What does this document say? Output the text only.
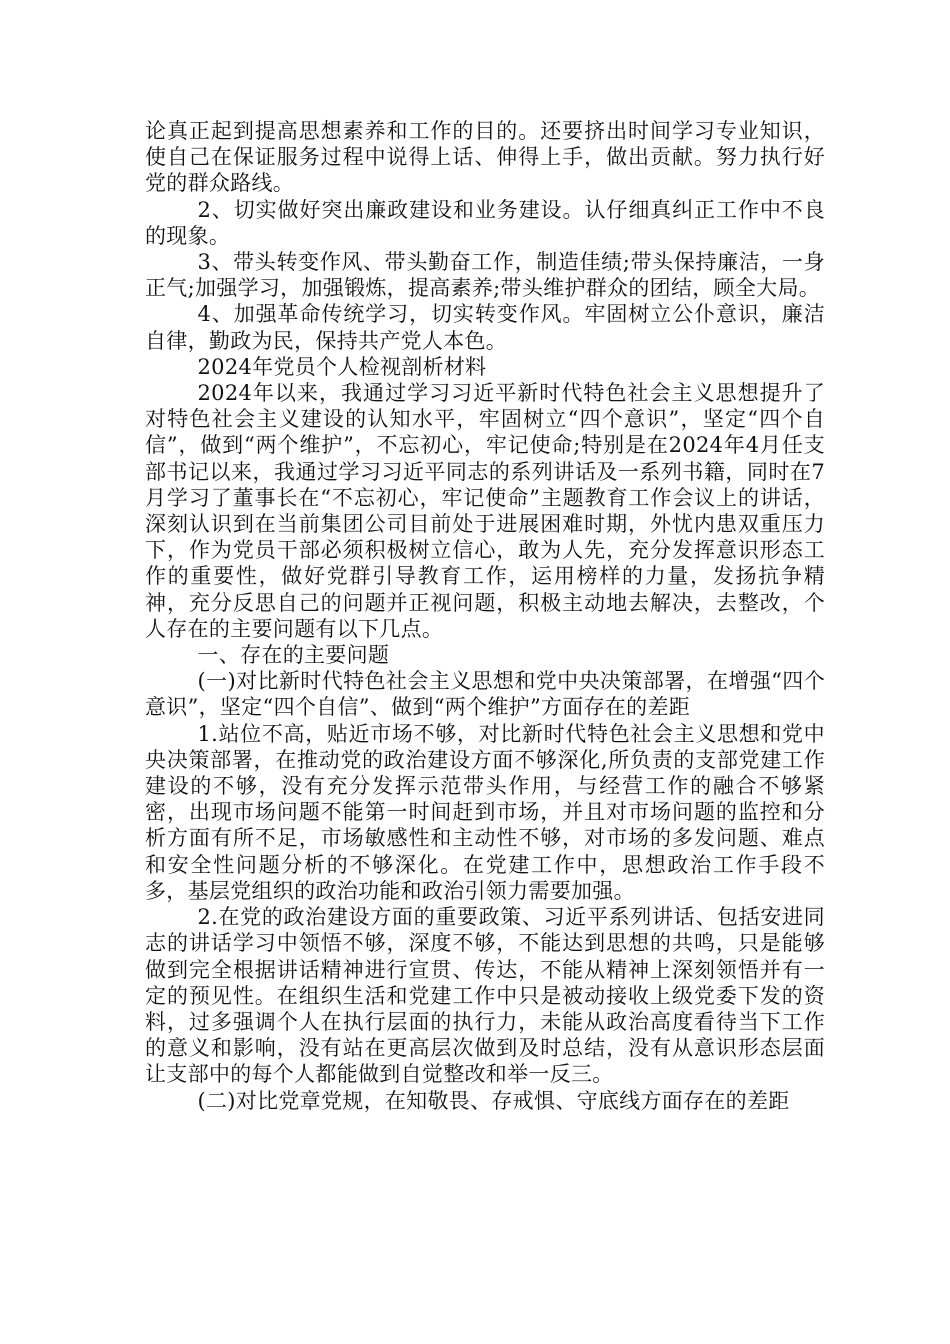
论真正起到提高思想素养和工作的目的。还要挤出时间学习专业知识，使自己在保证服务过程中说得上话、伸得上手，做出贡献。努力执行好党的群众路线。

2、切实做好突出廉政建设和业务建设。认仔细真纠正工作中不良的现象。

3、带头转变作风、带头勤奋工作，制造佳绩;带头保持廉洁，一身正气;加强学习，加强锻炼，提高素养;带头维护群众的团结，顾全大局。

4、加强革命传统学习，切实转变作风。牢固树立公仆意识，廉洁自律，勤政为民，保持共产党人本色。

2024年党员个人检视剖析材料

2024年以来，我通过学习习近平新时代特色社会主义思想提升了对特色社会主义建设的认知水平，牢固树立“四个意识”，坚定“四个自信”，做到“两个维护”，不忘初心，牢记使命;特别是在2024年4月任支部书记以来，我通过学习习近平同志的系列讲话及一系列书籍，同时在7月学习了董事长在“不忘初心，牢记使命”主题教育工作会议上的讲话，深刻认识到在当前集团公司目前处于进展困难时期，外忧内患双重压力下，作为党员干部必须积极树立信心，敢为人先，充分发挥意识形态工作的重要性，做好党群引导教育工作，运用榜样的力量，发扬抗争精神，充分反思自己的问题并正视问题，积极主动地去解决，去整改，个人存在的主要问题有以下几点。

一、存在的主要问题

(一)对比新时代特色社会主义思想和党中央决策部署，在增强“四个意识”，坚定“四个自信”、做到“两个维护”方面存在的差距

1.站位不高，贴近市场不够，对比新时代特色社会主义思想和党中央决策部署，在推动党的政治建设方面不够深化,所负责的支部党建工作建设的不够，没有充分发挥示范带头作用，与经营工作的融合不够紧密，出现市场问题不能第一时间赶到市场，并且对市场问题的监控和分析方面有所不足，市场敏感性和主动性不够，对市场的多发问题、难点和安全性问题分析的不够深化。在党建工作中，思想政治工作手段不多，基层党组织的政治功能和政治引领力需要加强。

2.在党的政治建设方面的重要政策、习近平系列讲话、包括安进同志的讲话学习中领悟不够，深度不够，不能达到思想的共鸣，只是能够做到完全根据讲话精神进行宣贯、传达，不能从精神上深刻领悟并有一定的预见性。在组织生活和党建工作中只是被动接收上级党委下发的资料，过多强调个人在执行层面的执行力，未能从政治高度看待当下工作的意义和影响，没有站在更高层次做到及时总结，没有从意识形态层面让支部中的每个人都能做到自觉整改和举一反三。

(二)对比党章党规，在知敬畏、存戒惧、守底线方面存在的差距
